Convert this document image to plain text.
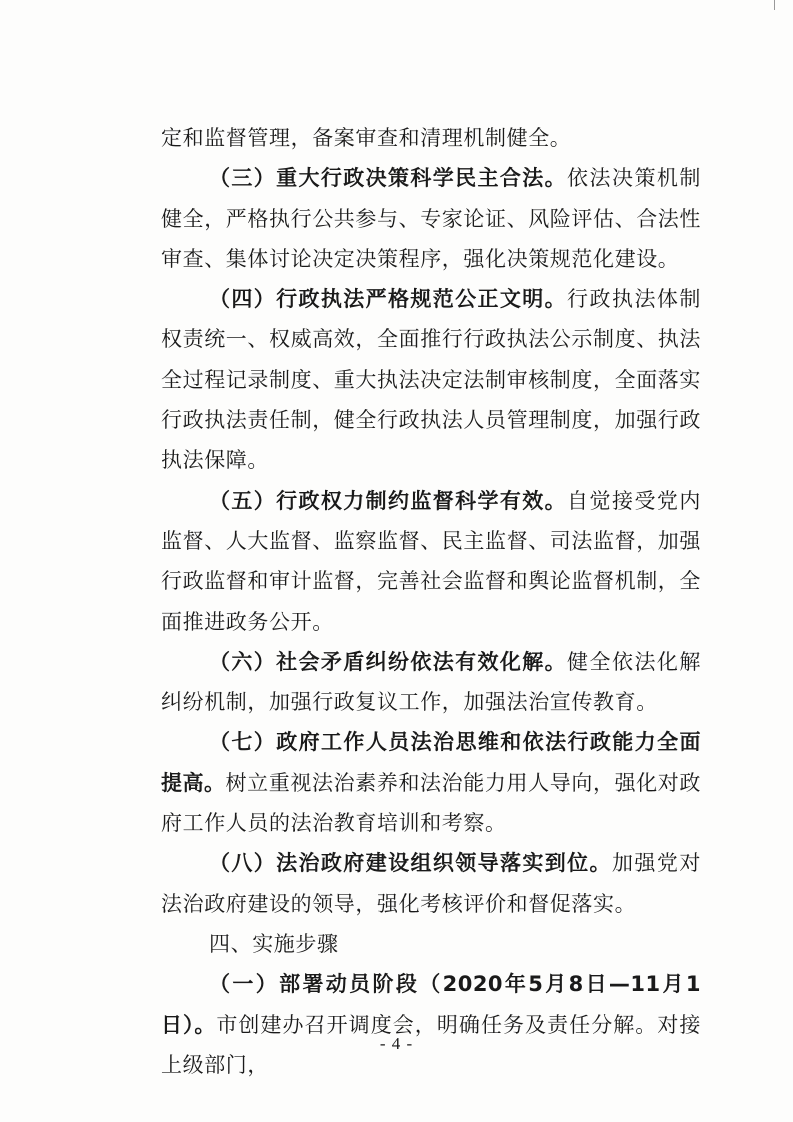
定和监督管理，备案审查和清理机制健全。

（三）重大行政决策科学民主合法。依法决策机制健全，严格执行公共参与、专家论证、风险评估、合法性审查、集体讨论决定决策程序，强化决策规范化建设。

（四）行政执法严格规范公正文明。行政执法体制权责统一、权威高效，全面推行行政执法公示制度、执法全过程记录制度、重大执法决定法制审核制度，全面落实行政执法责任制，健全行政执法人员管理制度，加强行政执法保障。

（五）行政权力制约监督科学有效。自觉接受党内监督、人大监督、监察监督、民主监督、司法监督，加强行政监督和审计监督，完善社会监督和舆论监督机制，全面推进政务公开。

（六）社会矛盾纠纷依法有效化解。健全依法化解纠纷机制，加强行政复议工作，加强法治宣传教育。

（七）政府工作人员法治思维和依法行政能力全面提高。树立重视法治素养和法治能力用人导向，强化对政府工作人员的法治教育培训和考察。

（八）法治政府建设组织领导落实到位。加强党对法治政府建设的领导，强化考核评价和督促落实。

四、实施步骤

（一）部署动员阶段（2020年5月8日—11月1日）。市创建办召开调度会，明确任务及责任分解。对接上级部门，

- 4 -
